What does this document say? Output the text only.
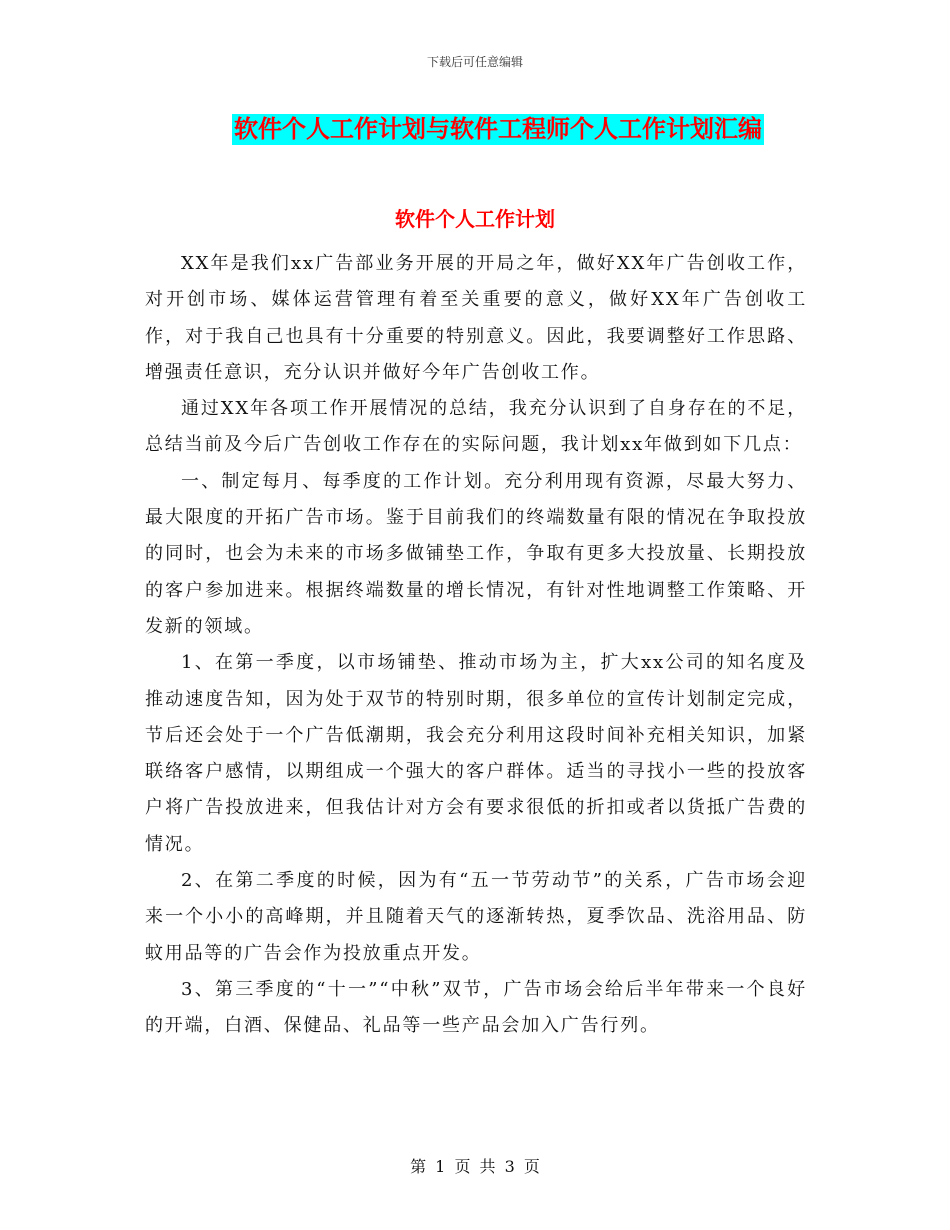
下载后可任意编辑
软件个人工作计划与软件工程师个人工作计划汇编
软件个人工作计划

XX年是我们xx广告部业务开展的开局之年，做好XX年广告创收工作，对开创市场、媒体运营管理有着至关重要的意义，做好XX年广告创收工作，对于我自己也具有十分重要的特别意义。因此，我要调整好工作思路、增强责任意识，充分认识并做好今年广告创收工作。

通过XX年各项工作开展情况的总结，我充分认识到了自身存在的不足，总结当前及今后广告创收工作存在的实际问题，我计划xx年做到如下几点：

一、制定每月、每季度的工作计划。充分利用现有资源，尽最大努力、最大限度的开拓广告市场。鉴于目前我们的终端数量有限的情况在争取投放的同时，也会为未来的市场多做铺垫工作，争取有更多大投放量、长期投放的客户参加进来。根据终端数量的增长情况，有针对性地调整工作策略、开发新的领域。

1、在第一季度，以市场铺垫、推动市场为主，扩大xx公司的知名度及推动速度告知，因为处于双节的特别时期，很多单位的宣传计划制定完成，节后还会处于一个广告低潮期，我会充分利用这段时间补充相关知识，加紧联络客户感情，以期组成一个强大的客户群体。适当的寻找小一些的投放客户将广告投放进来，但我估计对方会有要求很低的折扣或者以货抵广告费的情况。

2、在第二季度的时候，因为有“五一节劳动节”的关系，广告市场会迎来一个小小的高峰期，并且随着天气的逐渐转热，夏季饮品、洗浴用品、防蚊用品等的广告会作为投放重点开发。

3、第三季度的“十一”“中秋”双节，广告市场会给后半年带来一个良好的开端，白酒、保健品、礼品等一些产品会加入广告行列。

第 1 页 共 3 页
